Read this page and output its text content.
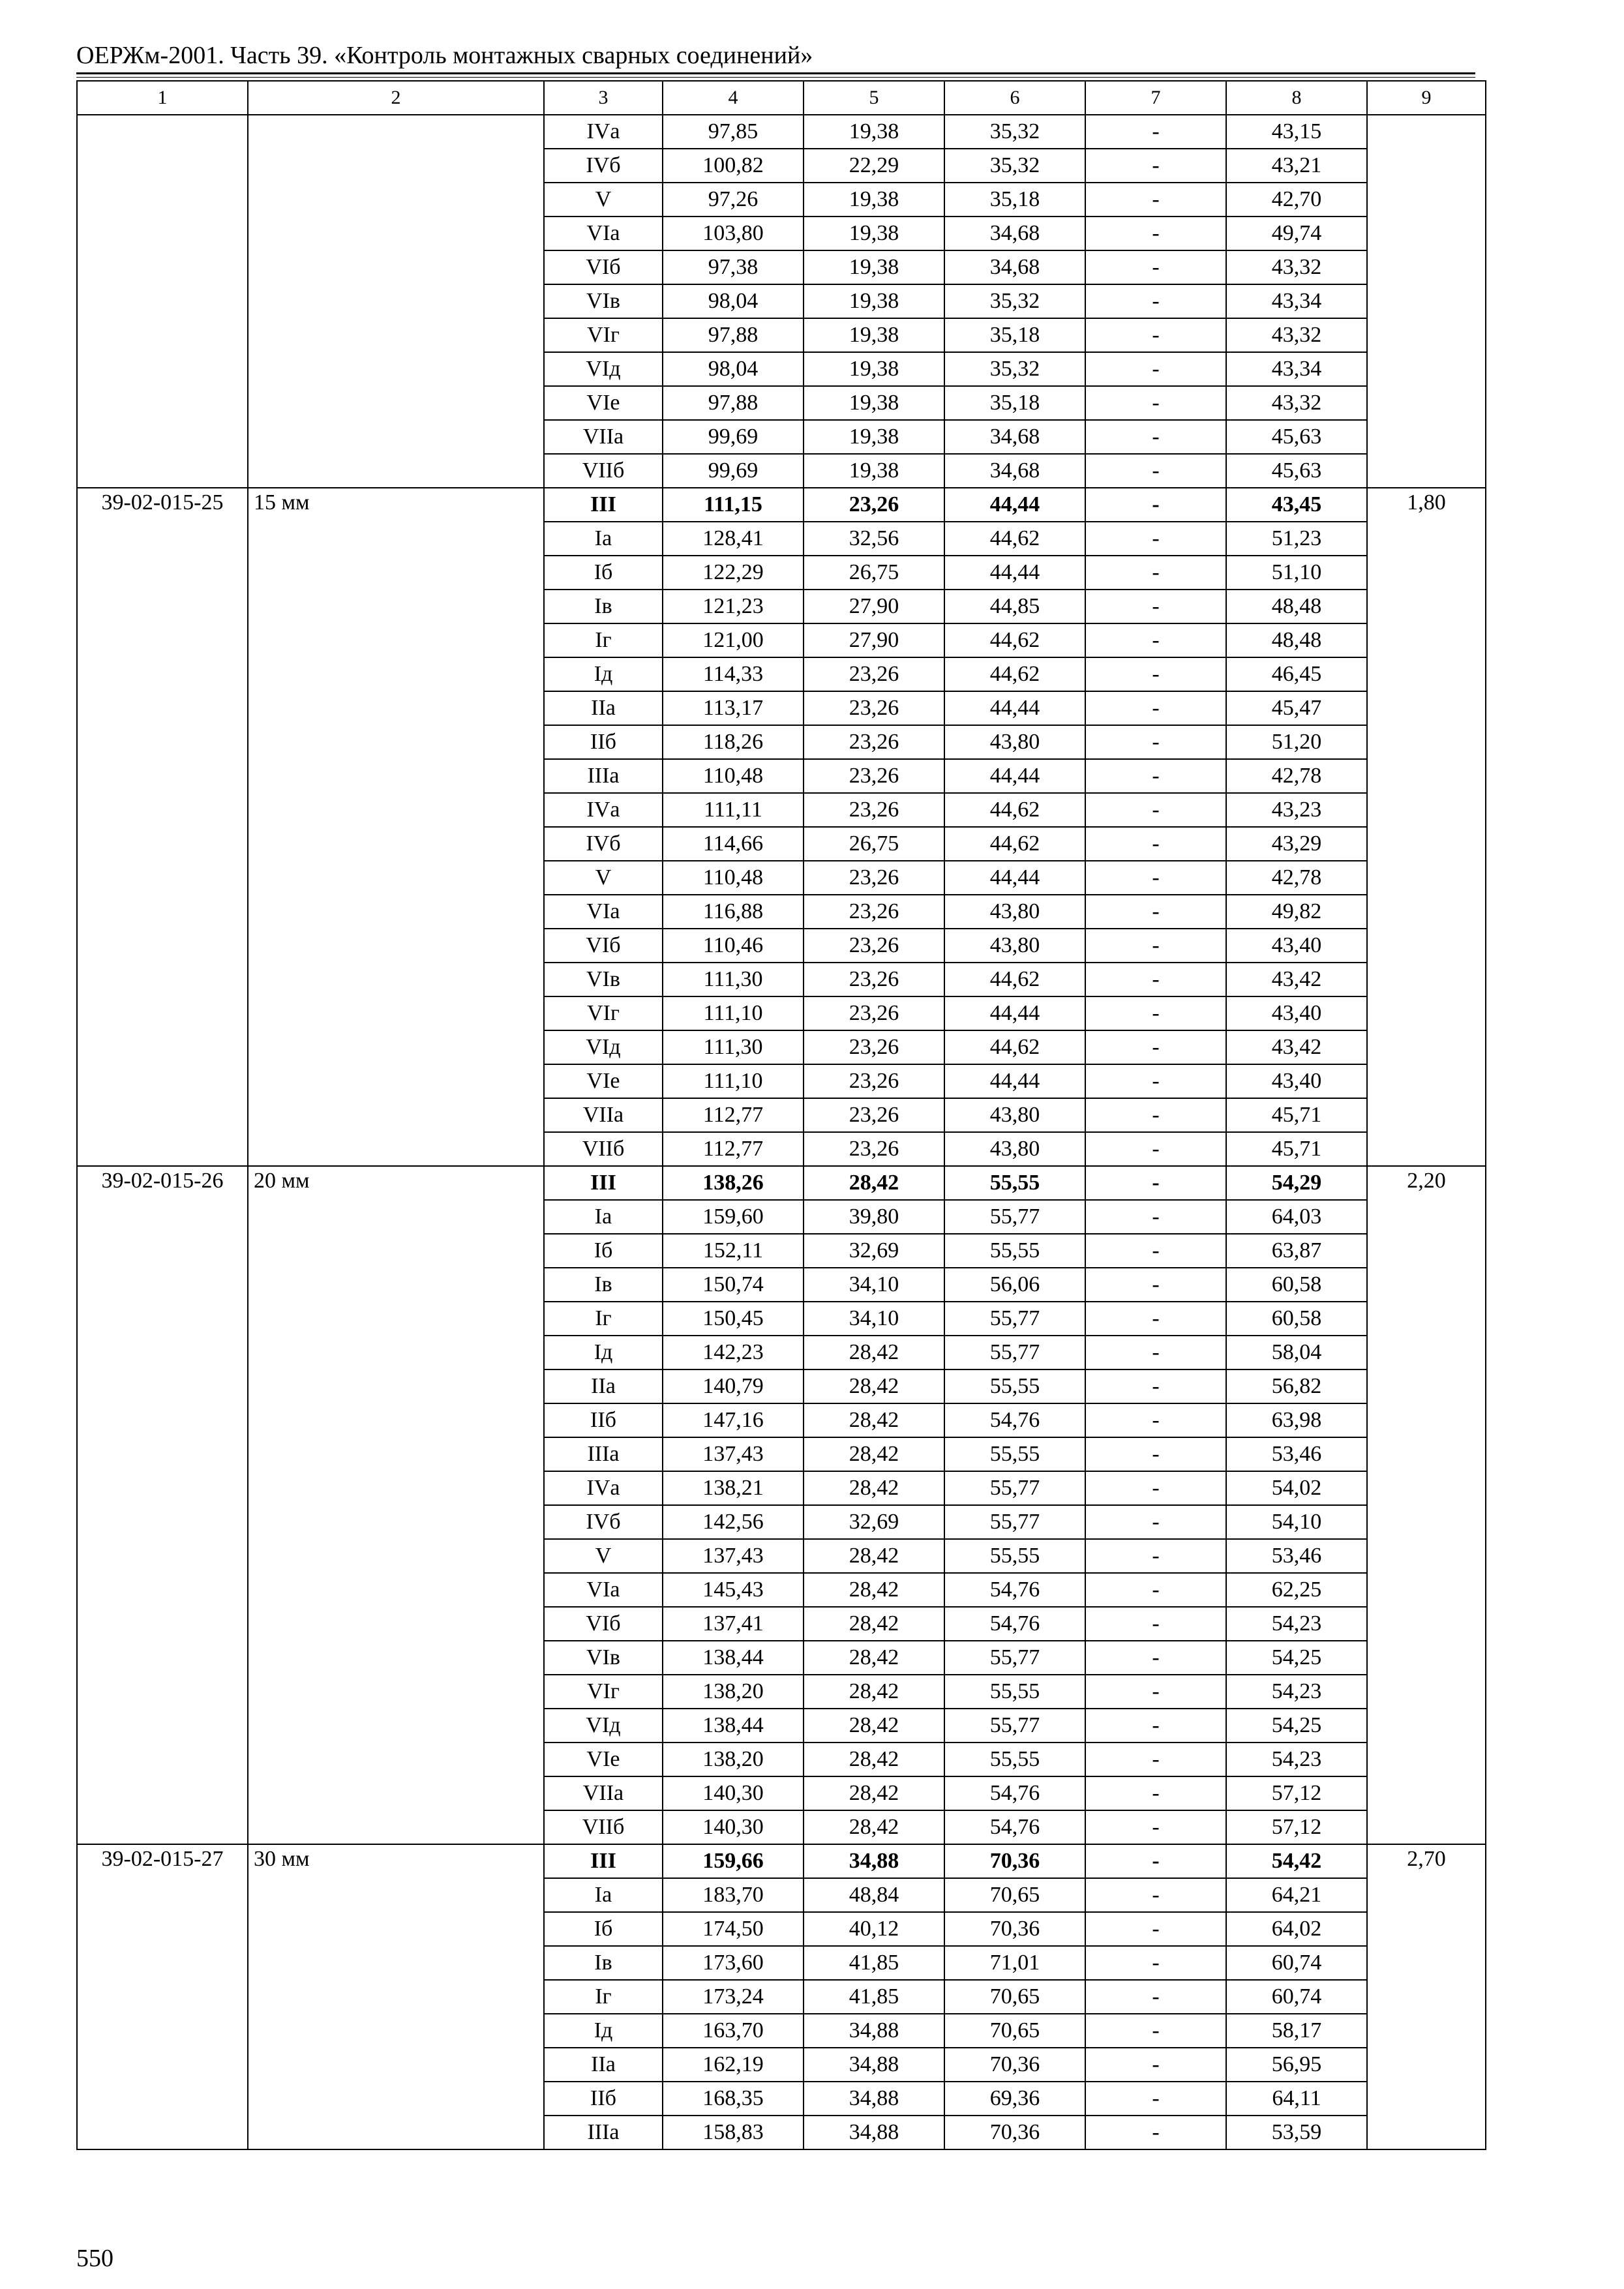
ОЕРЖм-2001. Часть 39. «Контроль монтажных сварных соединений»
1	2	3	4	5	6	7	8	9
		IVа	97,85	19,38	35,32	-	43,15	
		IVб	100,82	22,29	35,32	-	43,21	
		V	97,26	19,38	35,18	-	42,70	
		VIа	103,80	19,38	34,68	-	49,74	
		VIб	97,38	19,38	34,68	-	43,32	
		VIв	98,04	19,38	35,32	-	43,34	
		VIг	97,88	19,38	35,18	-	43,32	
		VIд	98,04	19,38	35,32	-	43,34	
		VIе	97,88	19,38	35,18	-	43,32	
		VIIа	99,69	19,38	34,68	-	45,63	
		VIIб	99,69	19,38	34,68	-	45,63	
39-02-015-25	15 мм	III	111,15	23,26	44,44	-	43,45	1,80
		Iа	128,41	32,56	44,62	-	51,23	
		Iб	122,29	26,75	44,44	-	51,10	
		Iв	121,23	27,90	44,85	-	48,48	
		Iг	121,00	27,90	44,62	-	48,48	
		Iд	114,33	23,26	44,62	-	46,45	
		IIа	113,17	23,26	44,44	-	45,47	
		IIб	118,26	23,26	43,80	-	51,20	
		IIIа	110,48	23,26	44,44	-	42,78	
		IVа	111,11	23,26	44,62	-	43,23	
		IVб	114,66	26,75	44,62	-	43,29	
		V	110,48	23,26	44,44	-	42,78	
		VIа	116,88	23,26	43,80	-	49,82	
		VIб	110,46	23,26	43,80	-	43,40	
		VIв	111,30	23,26	44,62	-	43,42	
		VIг	111,10	23,26	44,44	-	43,40	
		VIд	111,30	23,26	44,62	-	43,42	
		VIе	111,10	23,26	44,44	-	43,40	
		VIIа	112,77	23,26	43,80	-	45,71	
		VIIб	112,77	23,26	43,80	-	45,71	
39-02-015-26	20 мм	III	138,26	28,42	55,55	-	54,29	2,20
		Iа	159,60	39,80	55,77	-	64,03	
		Iб	152,11	32,69	55,55	-	63,87	
		Iв	150,74	34,10	56,06	-	60,58	
		Iг	150,45	34,10	55,77	-	60,58	
		Iд	142,23	28,42	55,77	-	58,04	
		IIа	140,79	28,42	55,55	-	56,82	
		IIб	147,16	28,42	54,76	-	63,98	
		IIIа	137,43	28,42	55,55	-	53,46	
		IVа	138,21	28,42	55,77	-	54,02	
		IVб	142,56	32,69	55,77	-	54,10	
		V	137,43	28,42	55,55	-	53,46	
		VIа	145,43	28,42	54,76	-	62,25	
		VIб	137,41	28,42	54,76	-	54,23	
		VIв	138,44	28,42	55,77	-	54,25	
		VIг	138,20	28,42	55,55	-	54,23	
		VIд	138,44	28,42	55,77	-	54,25	
		VIе	138,20	28,42	55,55	-	54,23	
		VIIа	140,30	28,42	54,76	-	57,12	
		VIIб	140,30	28,42	54,76	-	57,12	
39-02-015-27	30 мм	III	159,66	34,88	70,36	-	54,42	2,70
		Iа	183,70	48,84	70,65	-	64,21	
		Iб	174,50	40,12	70,36	-	64,02	
		Iв	173,60	41,85	71,01	-	60,74	
		Iг	173,24	41,85	70,65	-	60,74	
		Iд	163,70	34,88	70,65	-	58,17	
		IIа	162,19	34,88	70,36	-	56,95	
		IIб	168,35	34,88	69,36	-	64,11	
		IIIа	158,83	34,88	70,36	-	53,59	
550
